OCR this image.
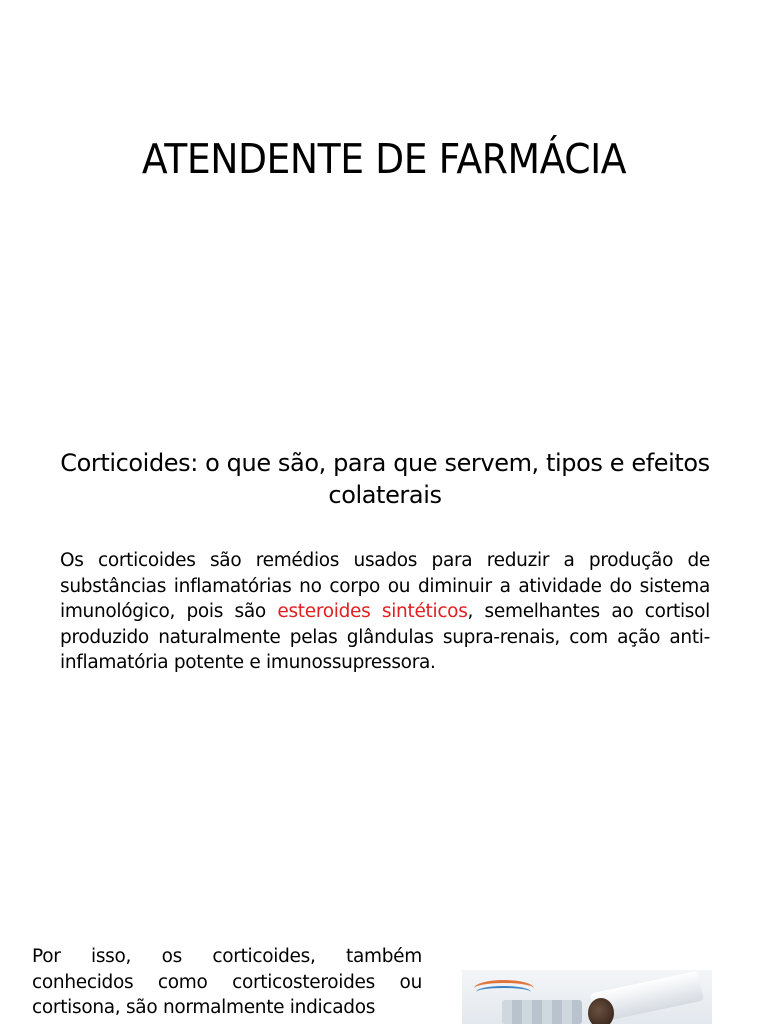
ATENDENTE DE FARMÁCIA
Corticoides: o que são, para que servem, tipos e efeitos colaterais

Os corticoides são remédios usados para reduzir a produção de substâncias inflamatórias no corpo ou diminuir a atividade do sistema imunológico, pois são esteroides sintéticos, semelhantes ao cortisol produzido naturalmente pelas glândulas supra-renais, com ação anti-inflamatória potente e imunossupressora.

Por isso, os corticoides, também conhecidos como corticosteroides ou cortisona, são normalmente indicados
